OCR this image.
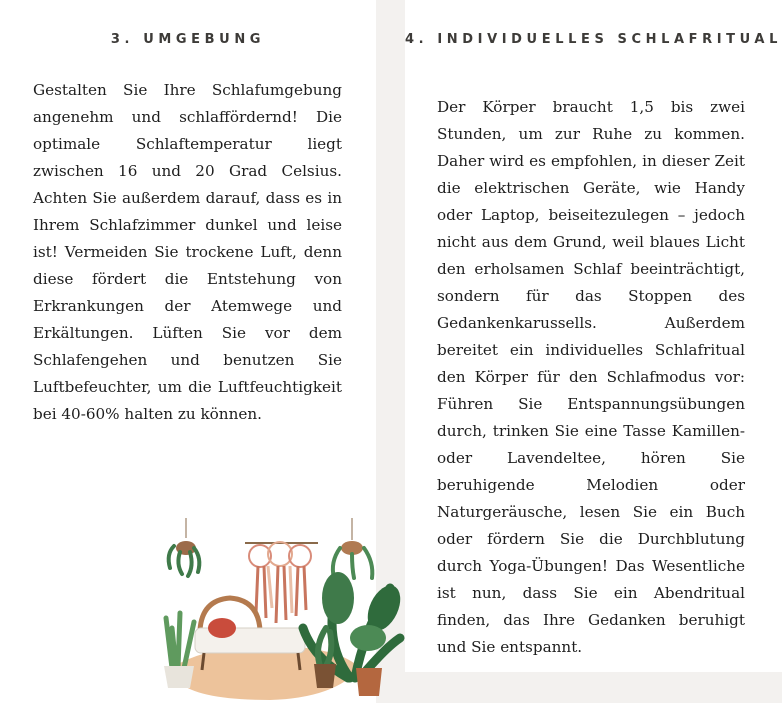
3. UMGEBUNG

Gestalten Sie Ihre Schlafumgebung angenehm und schlaffördernd! Die optimale Schlaftemperatur liegt zwischen 16 und 20 Grad Celsius. Achten Sie außerdem darauf, dass es in Ihrem Schlafzimmer dunkel und leise ist! Vermeiden Sie trockene Luft, denn diese fördert die Entstehung von Erkrankungen der Atemwege und Erkältungen. Lüften Sie vor dem Schlafengehen und benutzen Sie Luftbefeuchter, um die Luftfeuchtigkeit bei 40-60% halten zu können.

4. INDIVIDUELLES SCHLAFRITUAL

Der Körper braucht 1,5 bis zwei Stunden, um zur Ruhe zu kommen. Daher wird es empfohlen, in dieser Zeit die elektrischen Geräte, wie Handy oder Laptop, beiseitezulegen – jedoch nicht aus dem Grund, weil blaues Licht den erholsamen Schlaf beeinträchtigt, sondern für das Stoppen des Gedankenkarussells. Außerdem bereitet ein individuelles Schlafritual den Körper für den Schlafmodus vor: Führen Sie Entspannungsübungen durch, trinken Sie eine Tasse Kamillen- oder Lavendeltee, hören Sie beruhigende Melodien oder Naturgeräusche, lesen Sie ein Buch oder fördern Sie die Durchblutung durch Yoga-Übungen! Das Wesentliche ist nun, dass Sie ein Abendritual finden, das Ihre Gedanken beruhigt und Sie entspannt.
